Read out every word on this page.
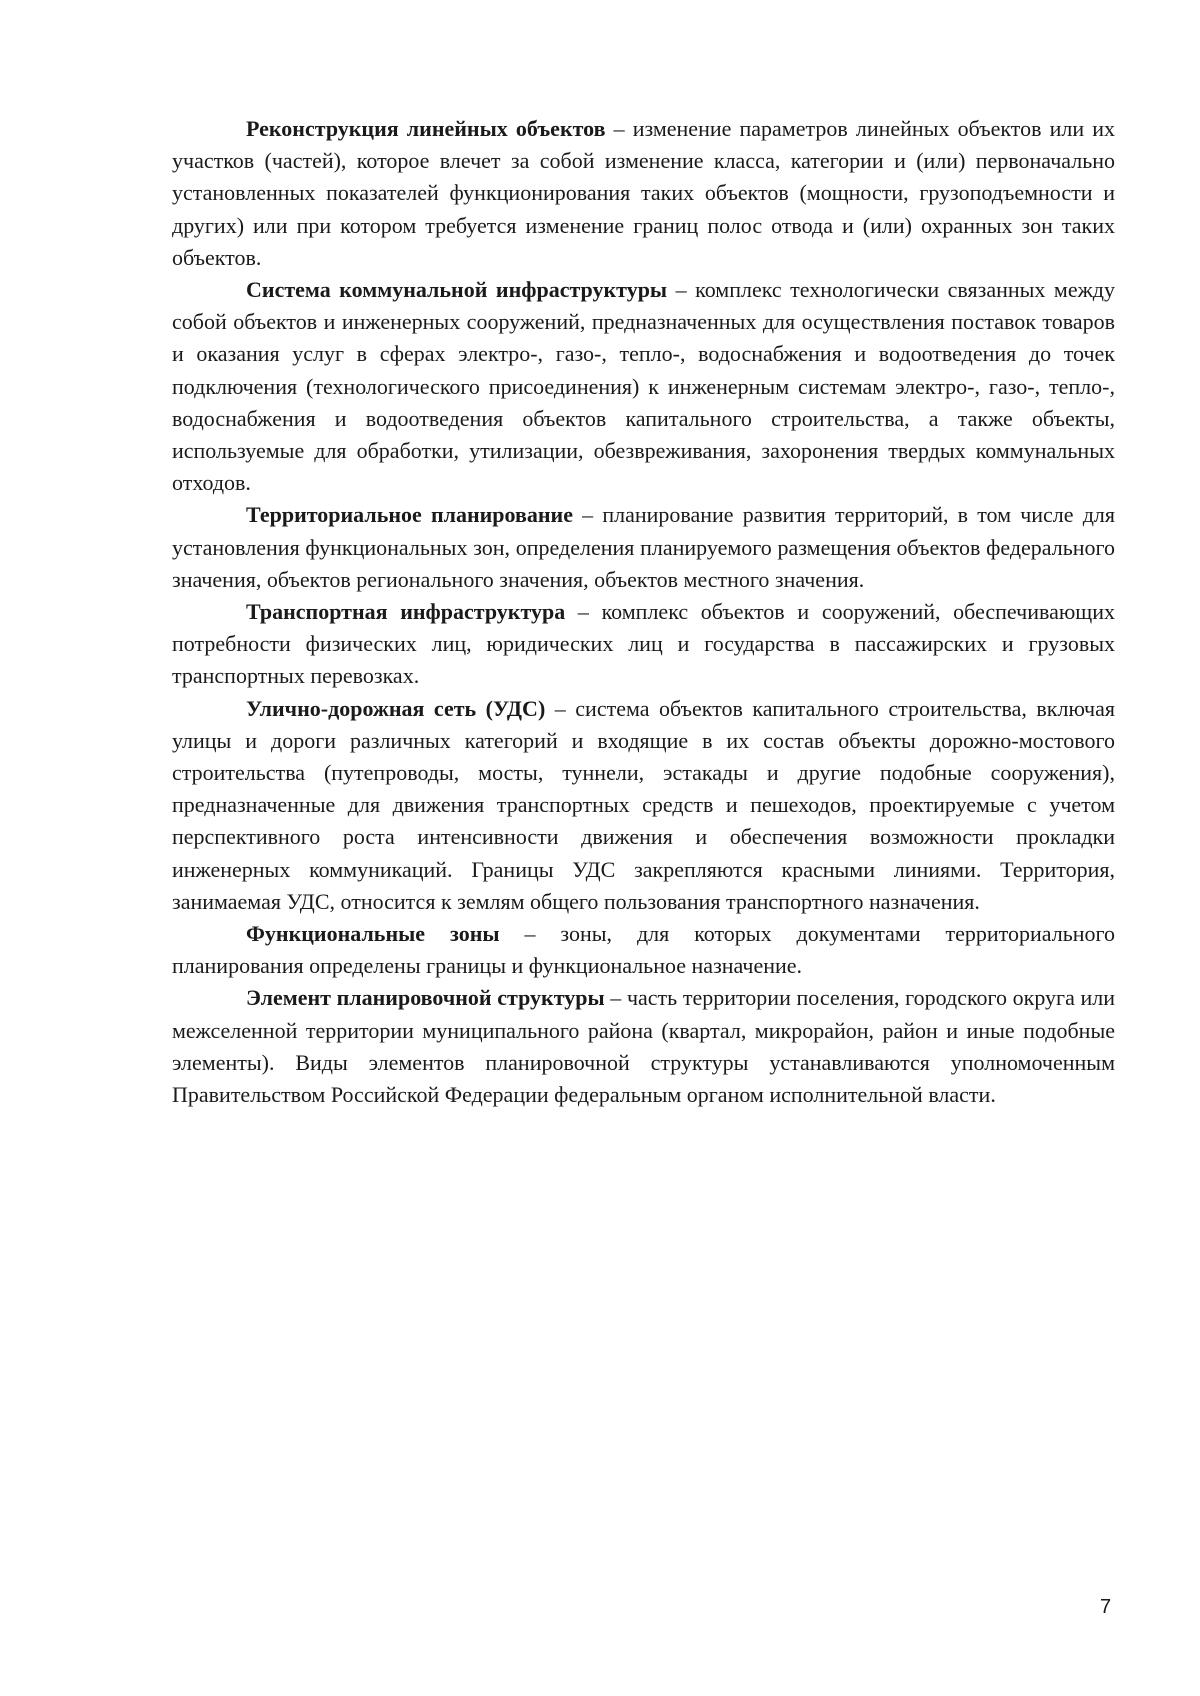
Реконструкция линейных объектов – изменение параметров линейных объектов или их участков (частей), которое влечет за собой изменение класса, категории и (или) первоначально установленных показателей функционирования таких объектов (мощности, грузоподъемности и других) или при котором требуется изменение границ полос отвода и (или) охранных зон таких объектов.

Система коммунальной инфраструктуры – комплекс технологически связанных между собой объектов и инженерных сооружений, предназначенных для осуществления поставок товаров и оказания услуг в сферах электро-, газо-, тепло-, водоснабжения и водоотведения до точек подключения (технологического присоединения) к инженерным системам электро-, газо-, тепло-, водоснабжения и водоотведения объектов капитального строительства, а также объекты, используемые для обработки, утилизации, обезвреживания, захоронения твердых коммунальных отходов.

Территориальное планирование – планирование развития территорий, в том числе для установления функциональных зон, определения планируемого размещения объектов федерального значения, объектов регионального значения, объектов местного значения.

Транспортная инфраструктура – комплекс объектов и сооружений, обеспечивающих потребности физических лиц, юридических лиц и государства в пассажирских и грузовых транспортных перевозках.

Улично-дорожная сеть (УДС) – система объектов капитального строительства, включая улицы и дороги различных категорий и входящие в их состав объекты дорожно-мостового строительства (путепроводы, мосты, туннели, эстакады и другие подобные сооружения), предназначенные для движения транспортных средств и пешеходов, проектируемые с учетом перспективного роста интенсивности движения и обеспечения возможности прокладки инженерных коммуникаций. Границы УДС закрепляются красными линиями. Территория, занимаемая УДС, относится к землям общего пользования транспортного назначения.

Функциональные зоны – зоны, для которых документами территориального планирования определены границы и функциональное назначение.

Элемент планировочной структуры – часть территории поселения, городского округа или межселенной территории муниципального района (квартал, микрорайон, район и иные подобные элементы). Виды элементов планировочной структуры устанавливаются уполномоченным Правительством Российской Федерации федеральным органом исполнительной власти.

7
